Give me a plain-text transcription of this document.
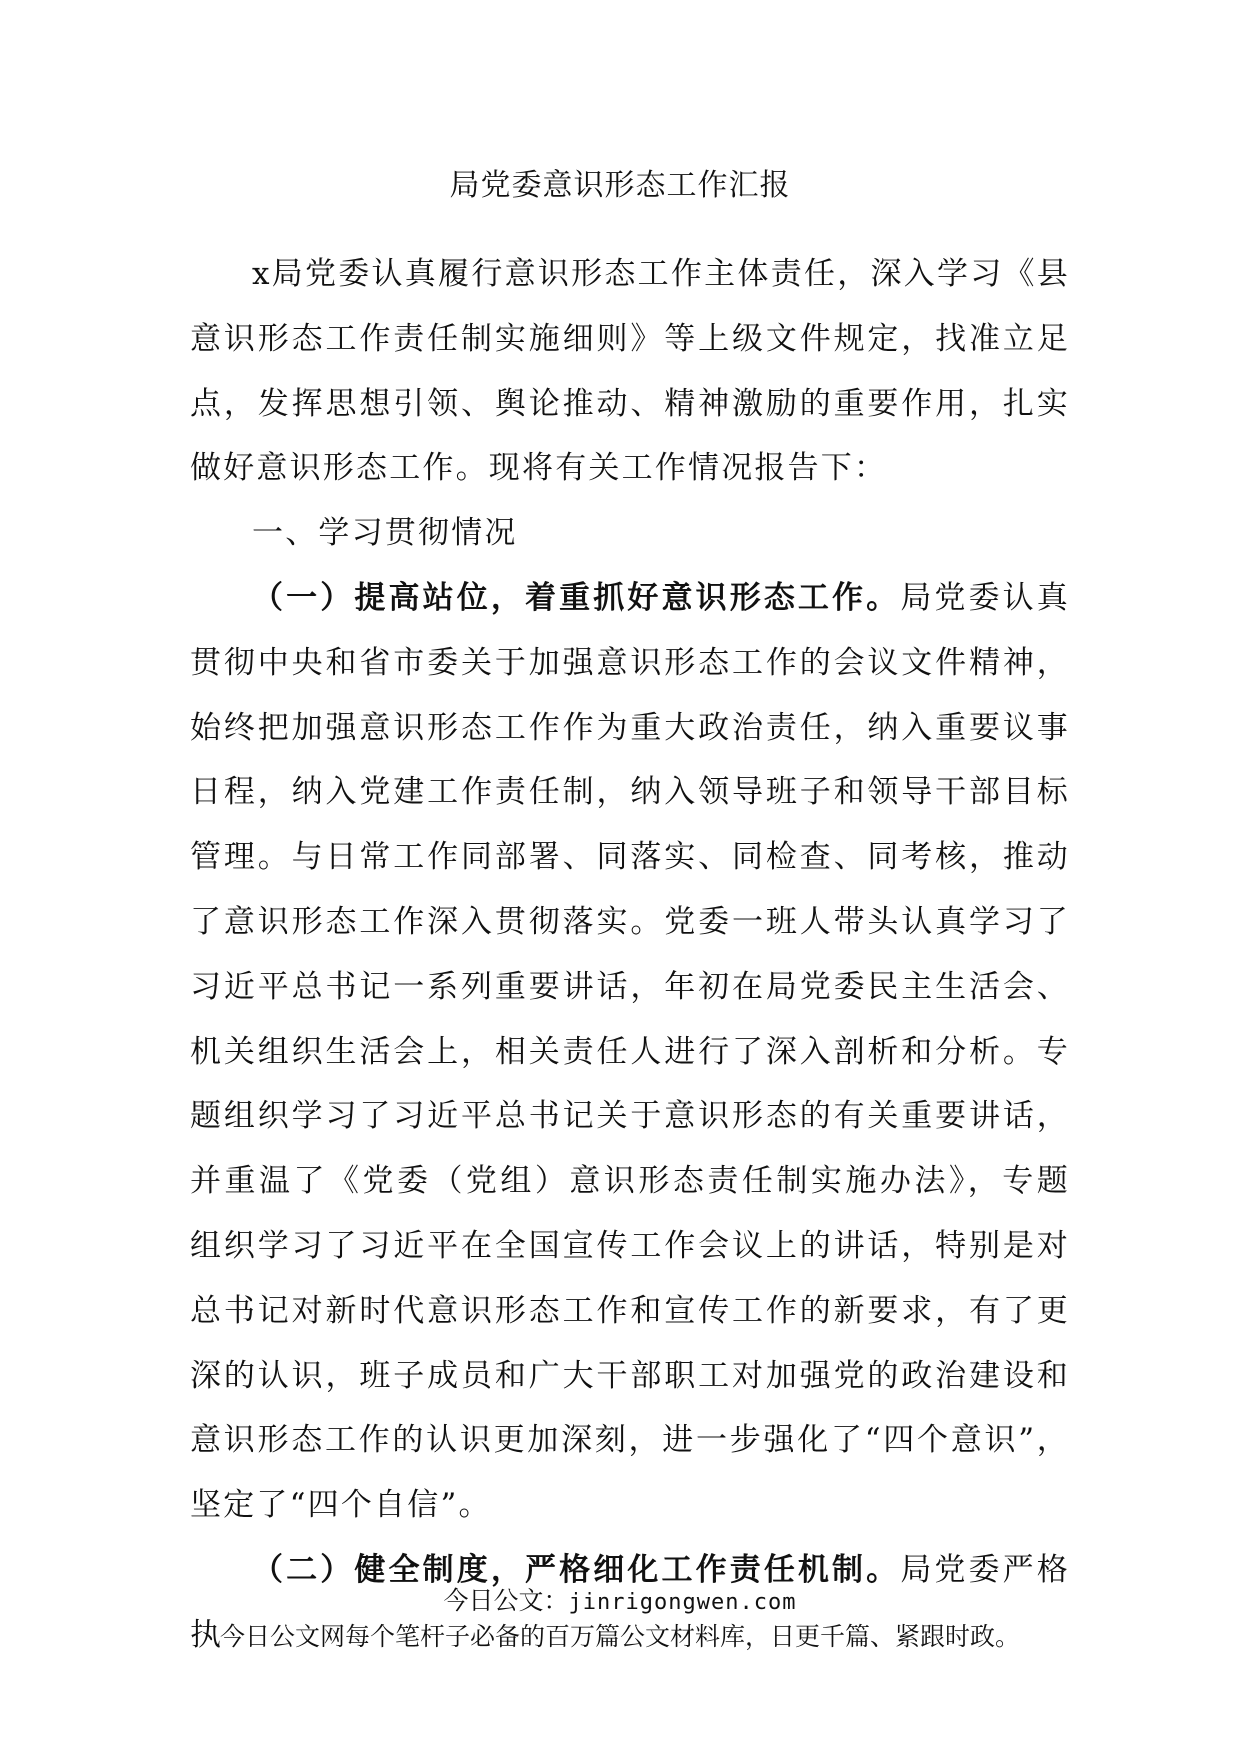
局党委意识形态工作汇报

x局党委认真履行意识形态工作主体责任，深入学习《县意识形态工作责任制实施细则》等上级文件规定，找准立足点，发挥思想引领、舆论推动、精神激励的重要作用，扎实做好意识形态工作。现将有关工作情况报告下：

一、学习贯彻情况

（一）提高站位，着重抓好意识形态工作。局党委认真贯彻中央和省市委关于加强意识形态工作的会议文件精神，始终把加强意识形态工作作为重大政治责任，纳入重要议事日程，纳入党建工作责任制，纳入领导班子和领导干部目标管理。与日常工作同部署、同落实、同检查、同考核，推动了意识形态工作深入贯彻落实。党委一班人带头认真学习了习近平总书记一系列重要讲话，年初在局党委民主生活会、机关组织生活会上，相关责任人进行了深入剖析和分析。专题组织学习了习近平总书记关于意识形态的有关重要讲话，并重温了《党委（党组）意识形态责任制实施办法》，专题组织学习了习近平在全国宣传工作会议上的讲话，特别是对总书记对新时代意识形态工作和宣传工作的新要求，有了更深的认识，班子成员和广大干部职工对加强党的政治建设和意识形态工作的认识更加深刻，进一步强化了“四个意识”，坚定了“四个自信”。

（二）健全制度，严格细化工作责任机制。局党委严格执

今日公文：jinrigongwen.com
今日公文网每个笔杆子必备的百万篇公文材料库，日更千篇、紧跟时政。
